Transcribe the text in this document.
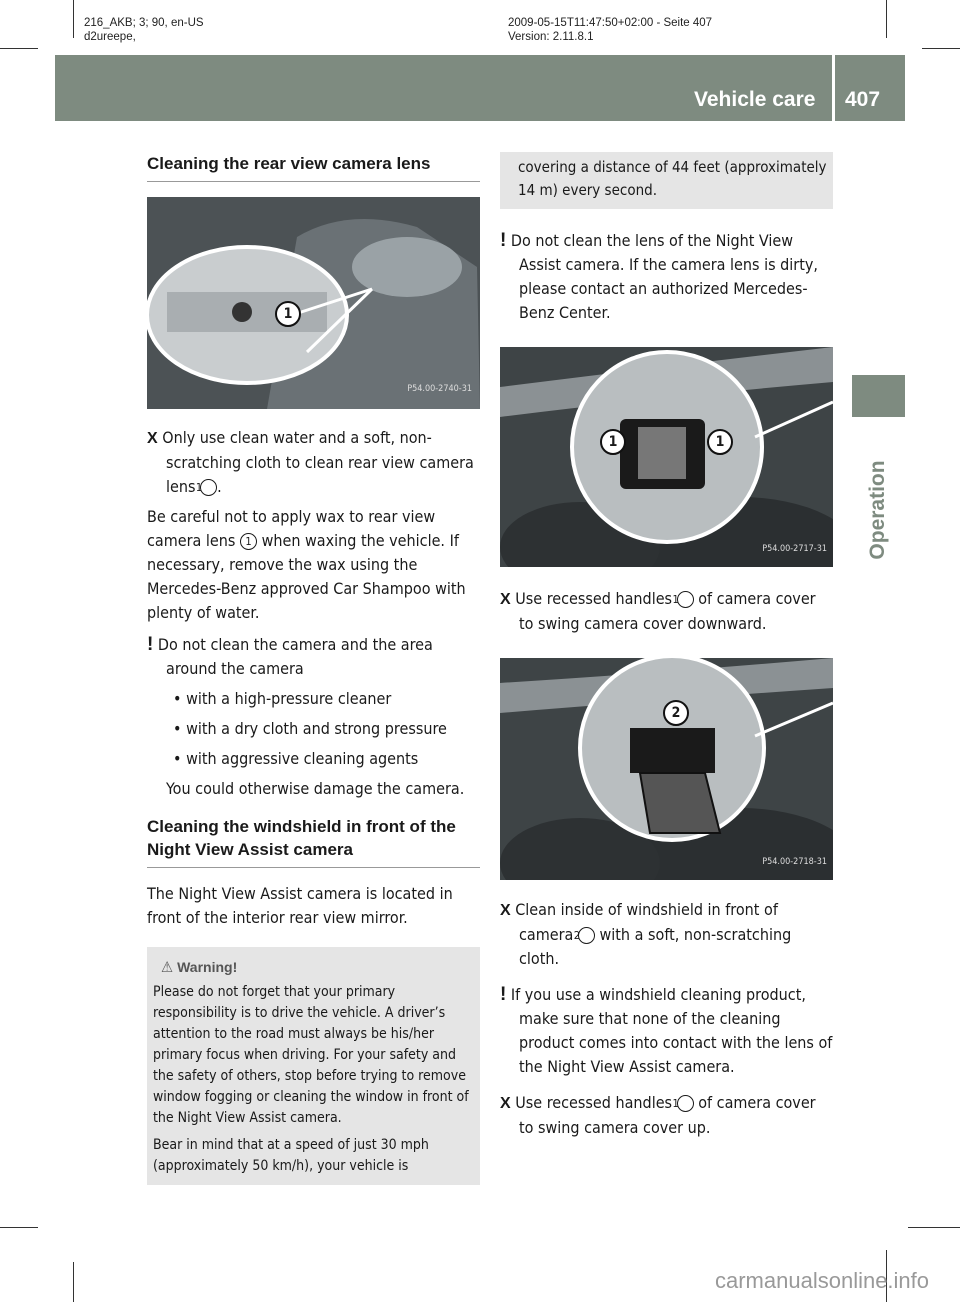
216_AKB; 3; 90, en-US
d2ureepe,
2009-05-15T11:47:50+02:00 - Seite 407
Version: 2.11.8.1
Vehicle care 407
Operation
Cleaning the rear view camera lens
1
P54.00-2740-31
X Only use clean water and a soft, non-scratching cloth to clean rear view camera lens 1 .
Be careful not to apply wax to rear view camera lens 1 when waxing the vehicle. If necessary, remove the wax using the Mercedes-Benz approved Car Shampoo with plenty of water.
! Do not clean the camera and the area around the camera
• with a high-pressure cleaner
• with a dry cloth and strong pressure
• with aggressive cleaning agents
You could otherwise damage the camera.
Cleaning the windshield in front of the
Night View Assist camera
The Night View Assist camera is located in front of the interior rear view mirror.
⚠ Warning!
Please do not forget that your primary responsibility is to drive the vehicle. A driver’s attention to the road must always be his/her primary focus when driving. For your safety and the safety of others, stop before trying to remove window fogging or cleaning the window in front of the Night View Assist camera.
Bear in mind that at a speed of just 30 mph (approximately 50 km/h), your vehicle is
covering a distance of 44 feet (approximately 14 m) every second.
! Do not clean the lens of the Night View Assist camera. If the camera lens is dirty, please contact an authorized Mercedes-Benz Center.
1	1
P54.00-2717-31
X Use recessed handles 1 of camera cover to swing camera cover downward.
2
P54.00-2718-31
X Clean inside of windshield in front of camera 2 with a soft, non-scratching cloth.
! If you use a windshield cleaning product, make sure that none of the cleaning product comes into contact with the lens of the Night View Assist camera.
X Use recessed handles 1 of camera cover to swing camera cover up.
carmanualsonline.info
